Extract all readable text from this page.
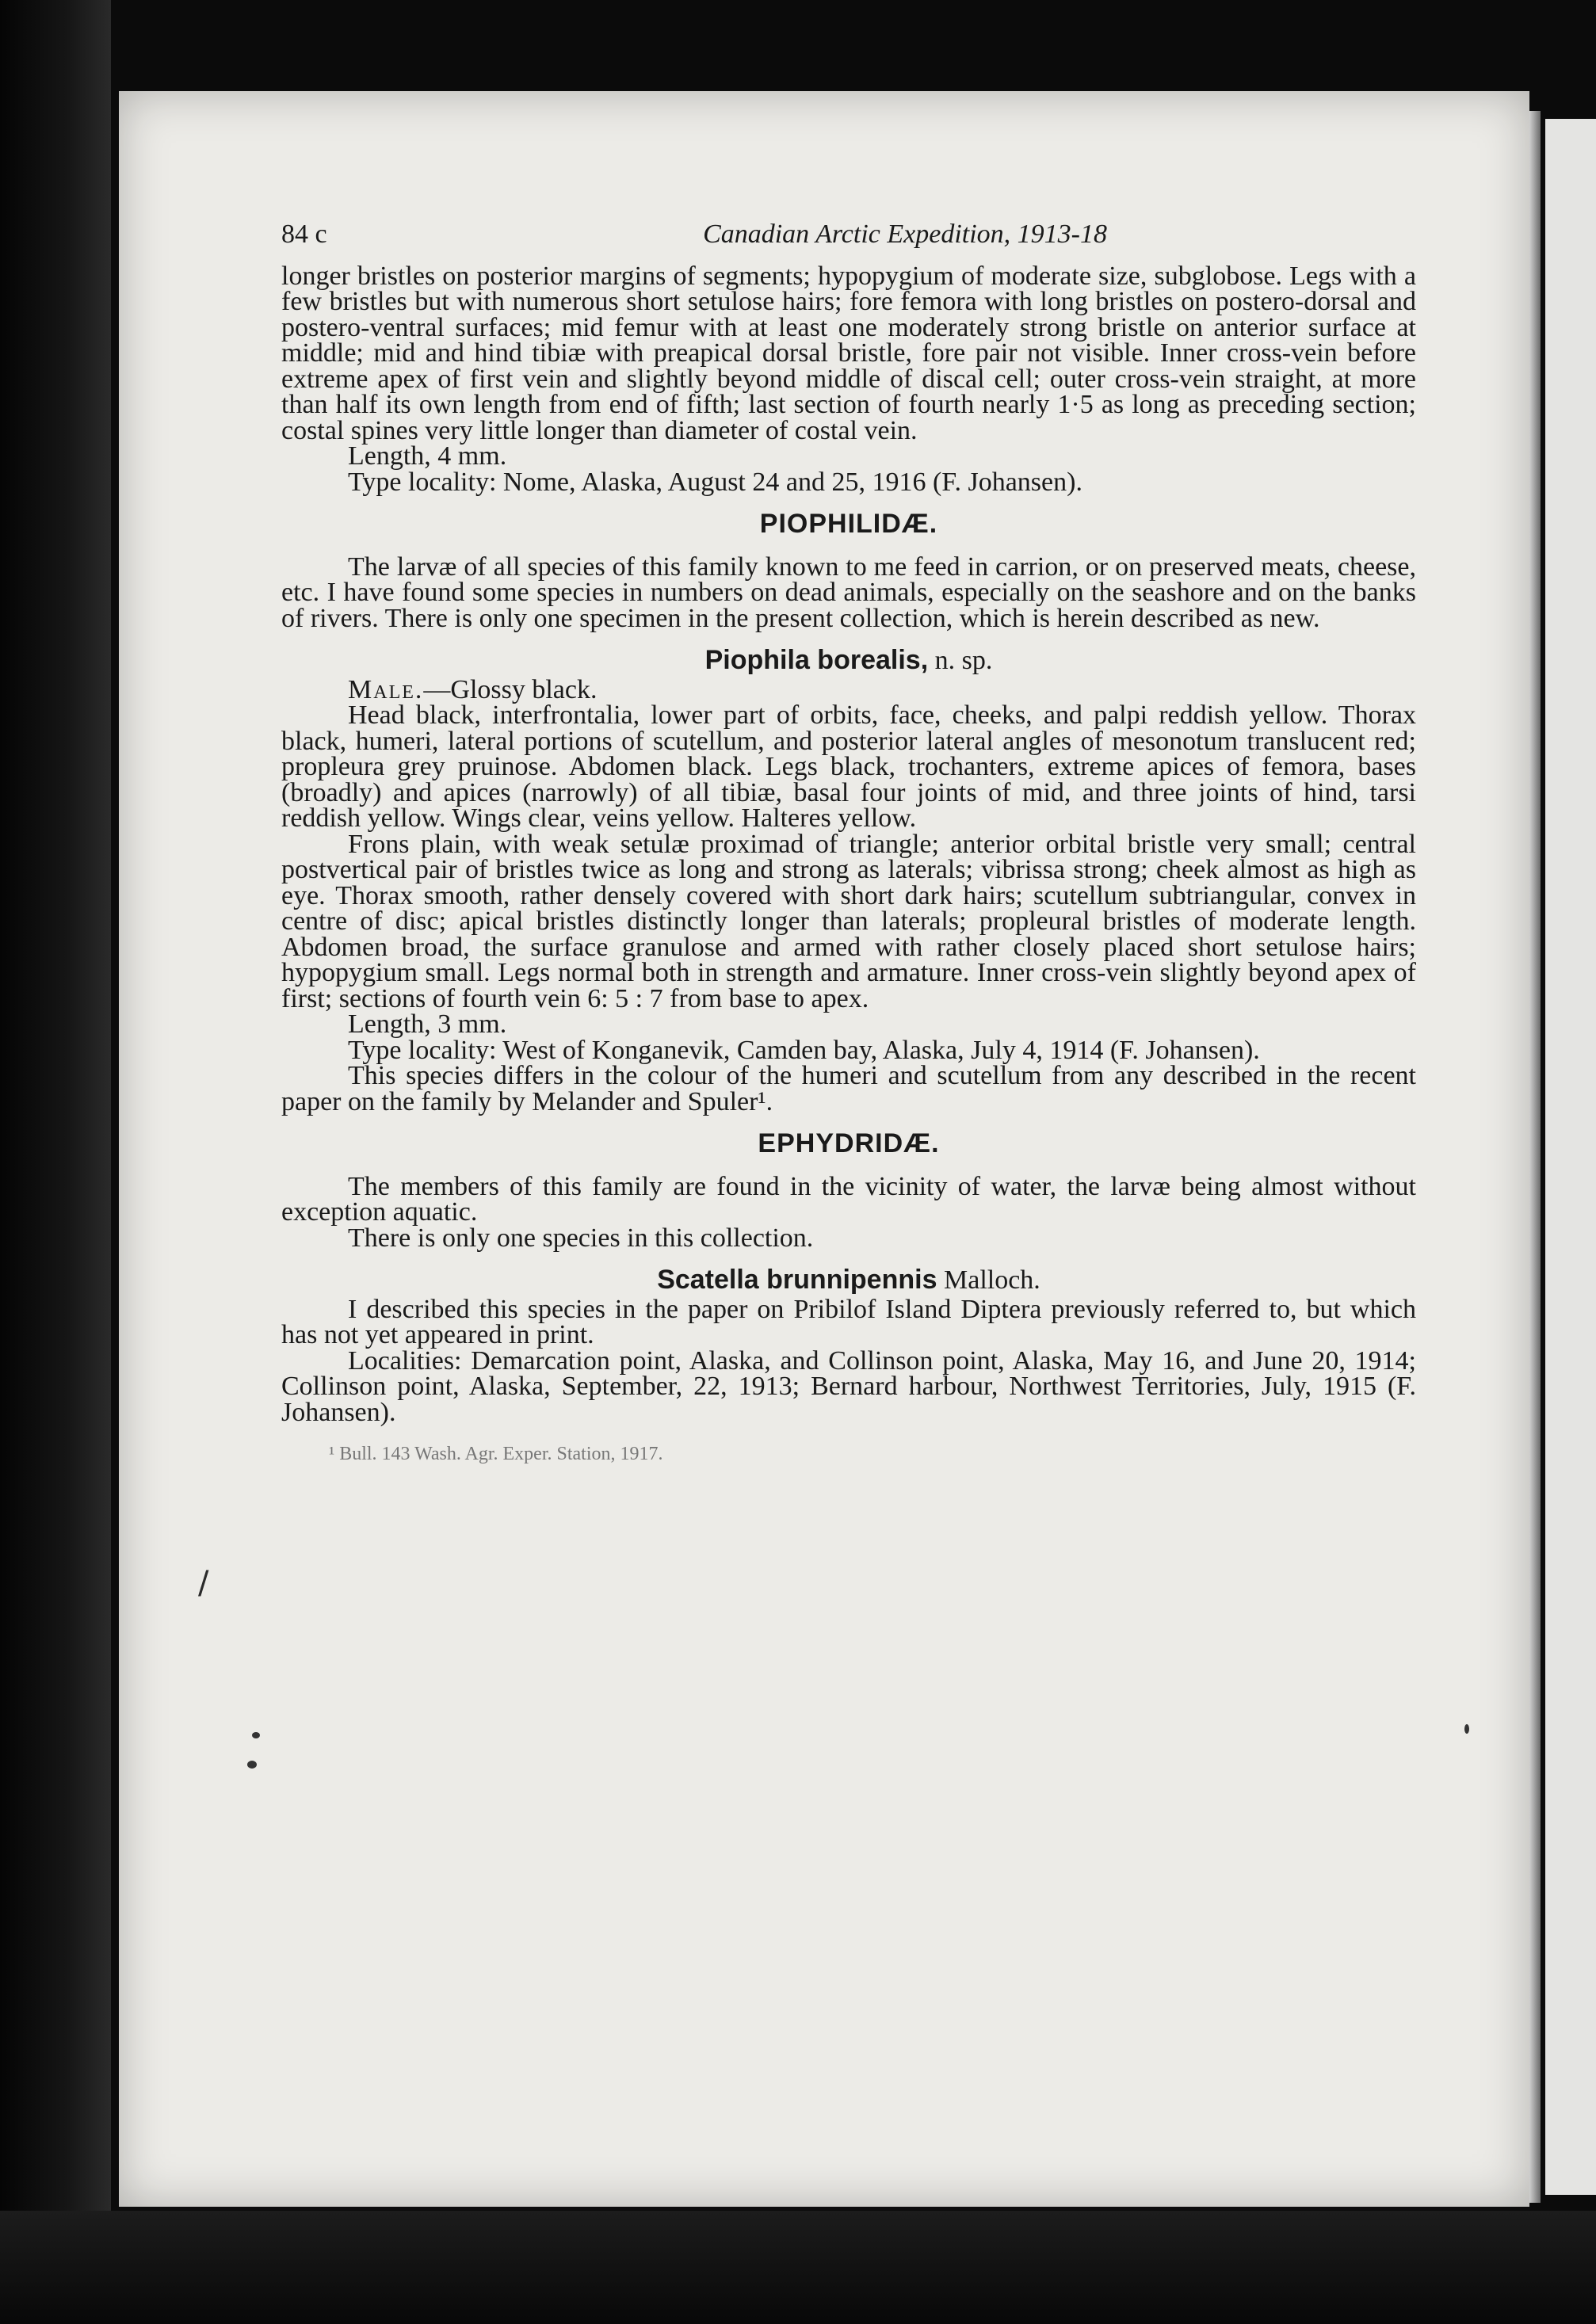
/
84 c	Canadian Arctic Expedition, 1913-18

longer bristles on posterior margins of segments; hypopygium of moderate size, subglobose. Legs with a few bristles but with numerous short setulose hairs; fore femora with long bristles on postero-dorsal and postero-ventral surfaces; mid femur with at least one moderately strong bristle on anterior surface at middle; mid and hind tibiæ with preapical dorsal bristle, fore pair not visible. Inner cross-vein before extreme apex of first vein and slightly beyond middle of discal cell; outer cross-vein straight, at more than half its own length from end of fifth; last section of fourth nearly 1·5 as long as preceding section; costal spines very little longer than diameter of costal vein.

Length, 4 mm.

Type locality: Nome, Alaska, August 24 and 25, 1916 (F. Johansen).

PIOPHILIDÆ.

The larvæ of all species of this family known to me feed in carrion, or on preserved meats, cheese, etc. I have found some species in numbers on dead animals, especially on the seashore and on the banks of rivers. There is only one specimen in the present collection, which is herein described as new.

Piophila borealis, n. sp.

Male.—Glossy black.

Head black, interfrontalia, lower part of orbits, face, cheeks, and palpi reddish yellow. Thorax black, humeri, lateral portions of scutellum, and posterior lateral angles of mesonotum translucent red; propleura grey pruinose. Abdomen black. Legs black, trochanters, extreme apices of femora, bases (broadly) and apices (narrowly) of all tibiæ, basal four joints of mid, and three joints of hind, tarsi reddish yellow. Wings clear, veins yellow. Halteres yellow.

Frons plain, with weak setulæ proximad of triangle; anterior orbital bristle very small; central postvertical pair of bristles twice as long and strong as laterals; vibrissa strong; cheek almost as high as eye. Thorax smooth, rather densely covered with short dark hairs; scutellum subtriangular, convex in centre of disc; apical bristles distinctly longer than laterals; propleural bristles of moderate length. Abdomen broad, the surface granulose and armed with rather closely placed short setulose hairs; hypopygium small. Legs normal both in strength and armature. Inner cross-vein slightly beyond apex of first; sections of fourth vein 6: 5 : 7 from base to apex.

Length, 3 mm.

Type locality: West of Konganevik, Camden bay, Alaska, July 4, 1914 (F. Johansen).

This species differs in the colour of the humeri and scutellum from any described in the recent paper on the family by Melander and Spuler¹.

EPHYDRIDÆ.

The members of this family are found in the vicinity of water, the larvæ being almost without exception aquatic.

There is only one species in this collection.

Scatella brunnipennis Malloch.

I described this species in the paper on Pribilof Island Diptera previously referred to, but which has not yet appeared in print.

Localities: Demarcation point, Alaska, and Collinson point, Alaska, May 16, and June 20, 1914; Collinson point, Alaska, September, 22, 1913; Bernard harbour, Northwest Territories, July, 1915 (F. Johansen).

¹ Bull. 143 Wash. Agr. Exper. Station, 1917.
